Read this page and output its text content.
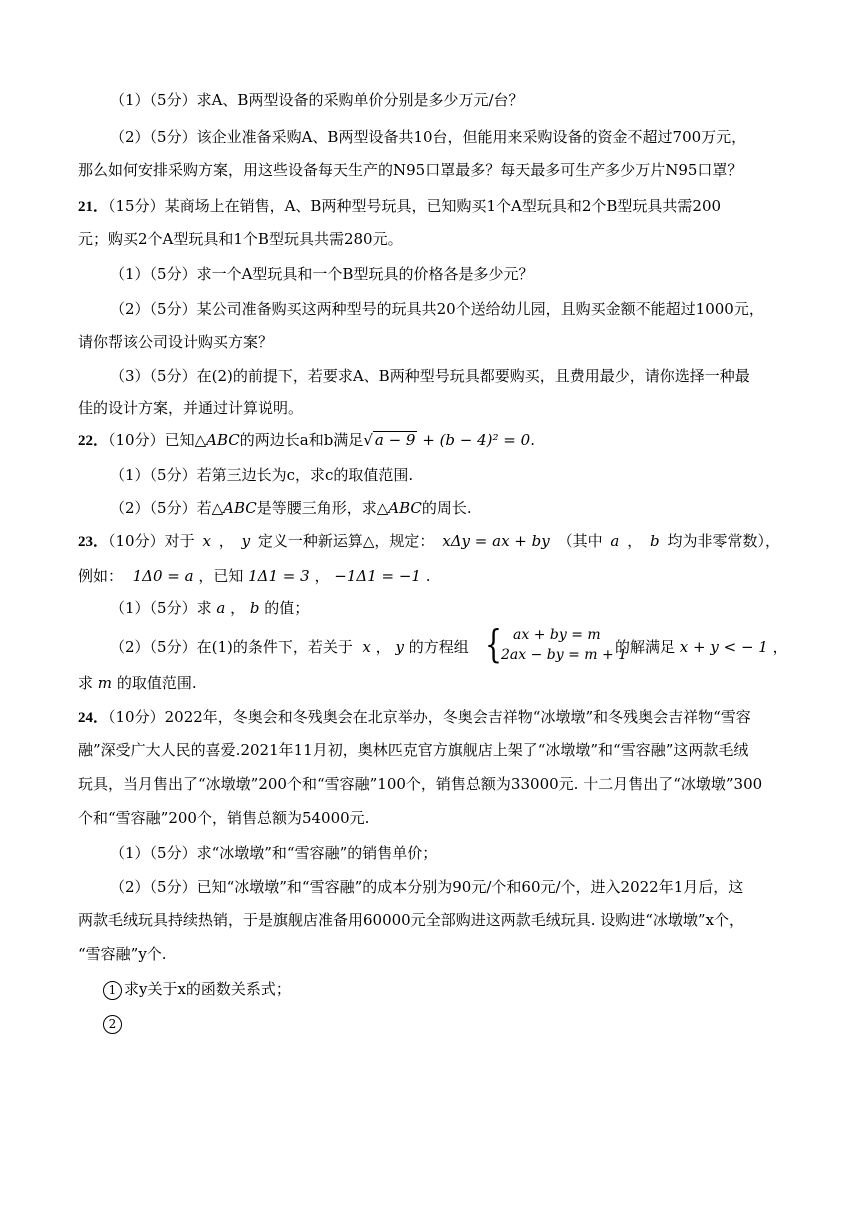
（1）（5分）求A、B两型设备的采购单价分别是多少万元/台？
（2）（5分）该企业准备采购A、B两型设备共10台，但能用来采购设备的资金不超过700万元，
那么如何安排采购方案，用这些设备每天生产的N95口罩最多？每天最多可生产多少万片N95口罩？
21．（15分）某商场上在销售，A、B两种型号玩具，已知购买1个A型玩具和2个B型玩具共需200
元；购买2个A型玩具和1个B型玩具共需280元。
（1）（5分）求一个A型玩具和一个B型玩具的价格各是多少元？
（2）（5分）某公司准备购买这两种型号的玩具共20个送给幼儿园，且购买金额不能超过1000元，
请你帮该公司设计购买方案？
（3）（5分）在(2)的前提下，若要求A、B两种型号玩具都要购买，且费用最少，请你选择一种最
佳的设计方案，并通过计算说明。
22．（10分）已知△ABC的两边长a和b满足√ a − 9 + (b − 4)² = 0.
（1）（5分）若第三边长为c，求c的取值范围.
（2）（5分）若△ABC是等腰三角形，求△ABC的周长.
23．（10分）对于 x ， y 定义一种新运算△，规定： xΔy = ax + by （其中 a ， b 均为非零常数），
例如： 1Δ0 = a ，已知 1Δ1 = 3 ， −1Δ1 = −1 .
（1）（5分）求 a ， b 的值；
（2）（5分）在(1)的条件下，若关于 x ， y 的方程组 { ax + by = m
2ax − by = m + 1
的解满足 x + y < − 1 ，
求 m 的取值范围.
24．（10分）2022年，冬奥会和冬残奥会在北京举办，冬奥会吉祥物“冰墩墩”和冬残奥会吉祥物“雪容
融”深受广大人民的喜爱.2021年11月初，奥林匹克官方旗舰店上架了“冰墩墩”和“雪容融”这两款毛绒
玩具，当月售出了“冰墩墩”200个和“雪容融”100个，销售总额为33000元. 十二月售出了“冰墩墩”300
个和“雪容融”200个，销售总额为54000元.
（1）（5分）求“冰墩墩”和“雪容融”的销售单价；
（2）（5分）已知“冰墩墩”和“雪容融”的成本分别为90元/个和60元/个，进入2022年1月后，这
两款毛绒玩具持续热销，于是旗舰店准备用60000元全部购进这两款毛绒玩具. 设购进“冰墩墩”x个，
“雪容融”y个.
1 求y关于x的函数关系式；
2
